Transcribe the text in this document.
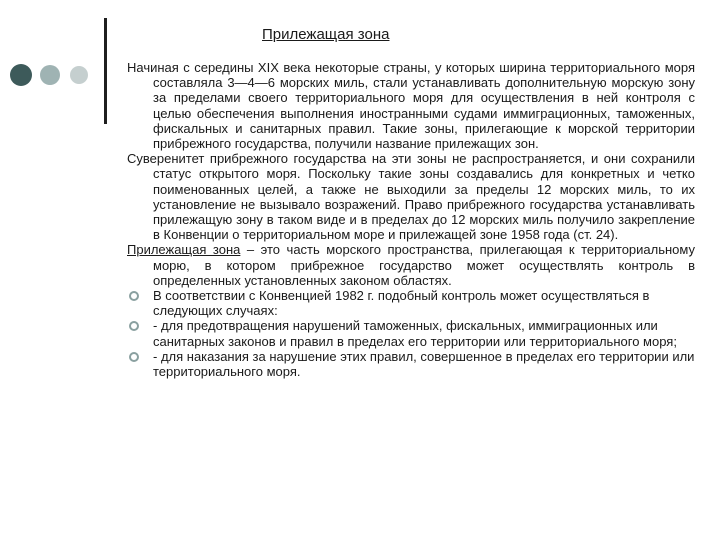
Прилежащая зона

Начиная с середины XIX века некоторые страны, у которых ширина территориального моря составляла 3—4—6 морских миль, стали устанавливать дополнительную морскую зону за пределами своего территориального моря для осуществления в ней контроля с целью обеспечения выполнения иностранными судами иммиграционных, таможенных, фискальных и санитарных правил. Такие зоны, прилегающие к морской территории прибрежного государства, получили название прилежащих зон.

Суверенитет прибрежного государства на эти зоны не распространяется, и они сохранили статус открытого моря. Поскольку такие зоны создавались для конкретных и четко поименованных целей, а также не выходили за пределы 12 морских миль, то их установление не вызывало возражений. Право прибрежного государства устанавливать прилежащую зону в таком виде и в пределах до 12 морских миль получило закрепление в Конвенции о территориальном море и прилежащей зоне 1958 года (ст. 24).

Прилежащая зона – это часть морского пространства, прилегающая к территориальному морю, в котором прибрежное государство может осуществлять контроль в определенных установленных законом областях.

В соответствии с Конвенцией 1982 г. подобный контроль может осуществляться в следующих случаях:

- для предотвращения нарушений таможенных, фискальных, иммиграционных или санитарных законов и правил в пределах его территории или территориального моря;

- для наказания за нарушение этих правил, совершенное в пределах его территории или территориального моря.
